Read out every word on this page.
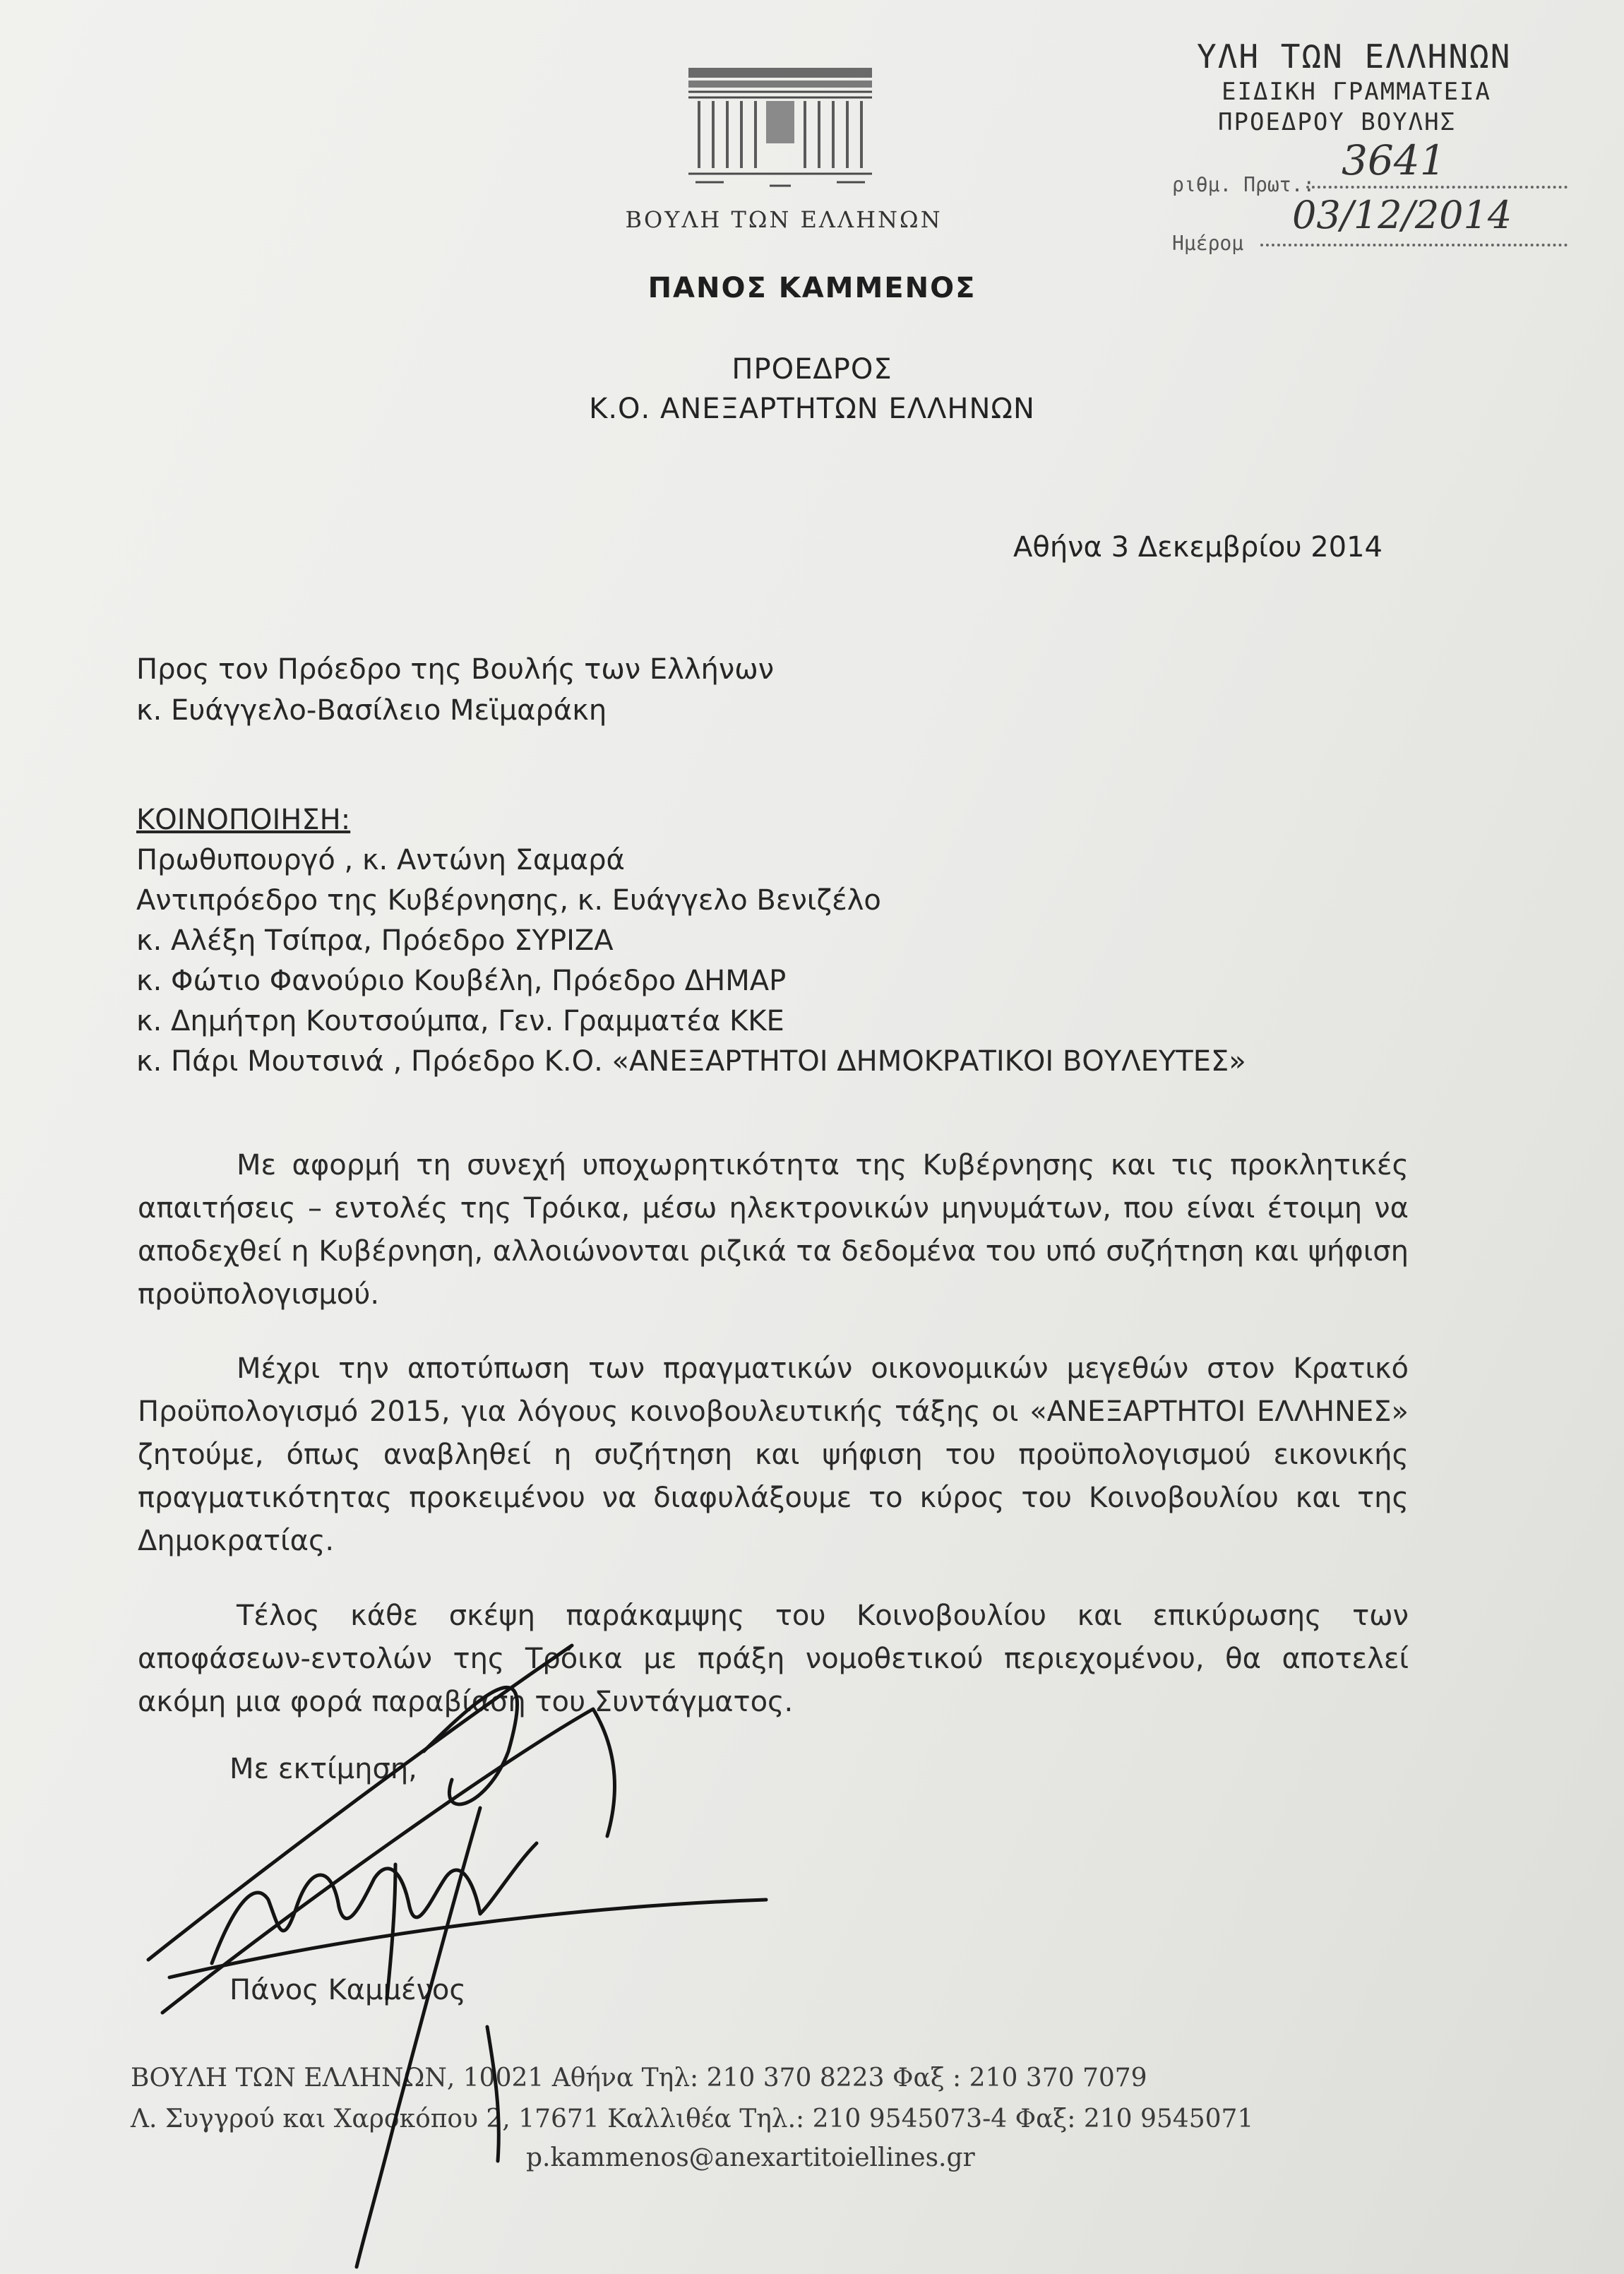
ΥΛΗ ΤΩΝ ΕΛΛΗΝΩΝ
ΕΙΔΙΚΗ ΓΡΑΜΜΑΤΕΙΑ
ΠΡΟΕΔΡΟΥ ΒΟΥΛΗΣ
ριθμ. Πρωτ.:
3641
Ημέρομ
03/12/2014
ΒΟΥΛΗ ΤΩΝ ΕΛΛΗΝΩΝ
ΠΑΝΟΣ ΚΑΜΜΕΝΟΣ
ΠΡΟΕΔΡΟΣ
Κ.Ο. ΑΝΕΞΑΡΤΗΤΩΝ ΕΛΛΗΝΩΝ
Αθήνα 3 Δεκεμβρίου 2014
Προς τον Πρόεδρο της Βουλής των Ελλήνων
κ. Ευάγγελο-Βασίλειο Μεϊμαράκη
ΚΟΙΝΟΠΟΙΗΣΗ:
Πρωθυπουργό , κ. Αντώνη Σαμαρά
Αντιπρόεδρο της Κυβέρνησης, κ. Ευάγγελο Βενιζέλο
κ. Αλέξη Τσίπρα, Πρόεδρο ΣΥΡΙΖΑ
κ. Φώτιο Φανούριο Κουβέλη, Πρόεδρο ΔΗΜΑΡ
κ. Δημήτρη Κουτσούμπα, Γεν. Γραμματέα ΚΚΕ
κ. Πάρι Μουτσινά , Πρόεδρο Κ.Ο. «ΑΝΕΞΑΡΤΗΤΟΙ ΔΗΜΟΚΡΑΤΙΚΟΙ ΒΟΥΛΕΥΤΕΣ»
Με αφορμή τη συνεχή υποχωρητικότητα της Κυβέρνησης και τις προκλητικές απαιτήσεις – εντολές της Τρόικα, μέσω ηλεκτρονικών μηνυμάτων, που είναι έτοιμη να αποδεχθεί η Κυβέρνηση, αλλοιώνονται ριζικά τα δεδομένα του υπό συζήτηση και ψήφιση προϋπολογισμού.
Μέχρι την αποτύπωση των πραγματικών οικονομικών μεγεθών στον Κρατικό Προϋπολογισμό 2015, για λόγους κοινοβουλευτικής τάξης οι «ΑΝΕΞΑΡΤΗΤΟΙ ΕΛΛΗΝΕΣ» ζητούμε, όπως αναβληθεί η συζήτηση και ψήφιση του προϋπολογισμού εικονικής πραγματικότητας προκειμένου να διαφυλάξουμε το κύρος του Κοινοβουλίου και της Δημοκρατίας.
Τέλος κάθε σκέψη παράκαμψης του Κοινοβουλίου και επικύρωσης των αποφάσεων-εντολών της Τρόικα με πράξη νομοθετικού περιεχομένου, θα αποτελεί ακόμη μια φορά παραβίαση του Συντάγματος.
Με εκτίμηση,
Πάνος Καμμένος
ΒΟΥΛΗ ΤΩΝ ΕΛΛΗΝΩΝ, 10021 Αθήνα Τηλ: 210 370 8223 Φαξ : 210 370 7079
Λ. Συγγρού και Χαροκόπου 2, 17671 Καλλιθέα Τηλ.: 210 9545073-4 Φαξ: 210 9545071
p.kammenos@anexartitoiellines.gr
